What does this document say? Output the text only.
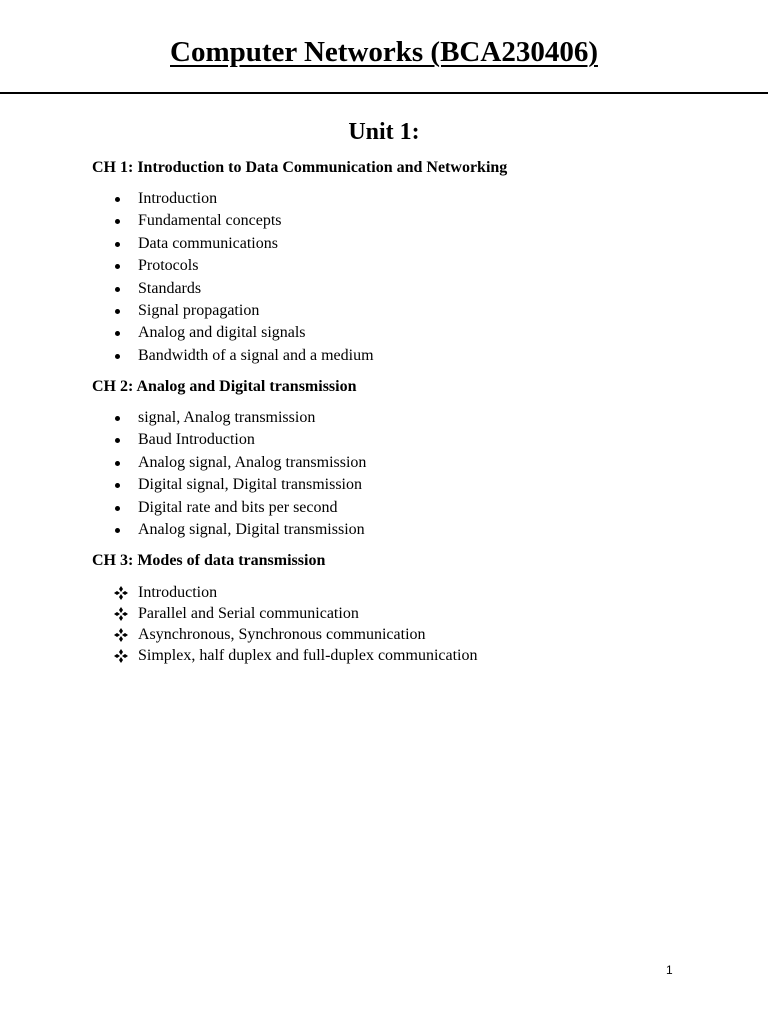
Computer Networks (BCA230406)
Unit 1:
CH 1: Introduction to Data Communication and Networking
Introduction
Fundamental concepts
Data communications
Protocols
Standards
Signal propagation
Analog and digital signals
Bandwidth of a signal and a medium
CH 2: Analog and Digital transmission
signal, Analog transmission
Baud Introduction
Analog signal, Analog transmission
Digital signal, Digital transmission
Digital rate and bits per second
Analog signal, Digital transmission
CH 3: Modes of data transmission
Introduction
Parallel and Serial communication
Asynchronous, Synchronous communication
Simplex, half duplex and full-duplex communication
1
